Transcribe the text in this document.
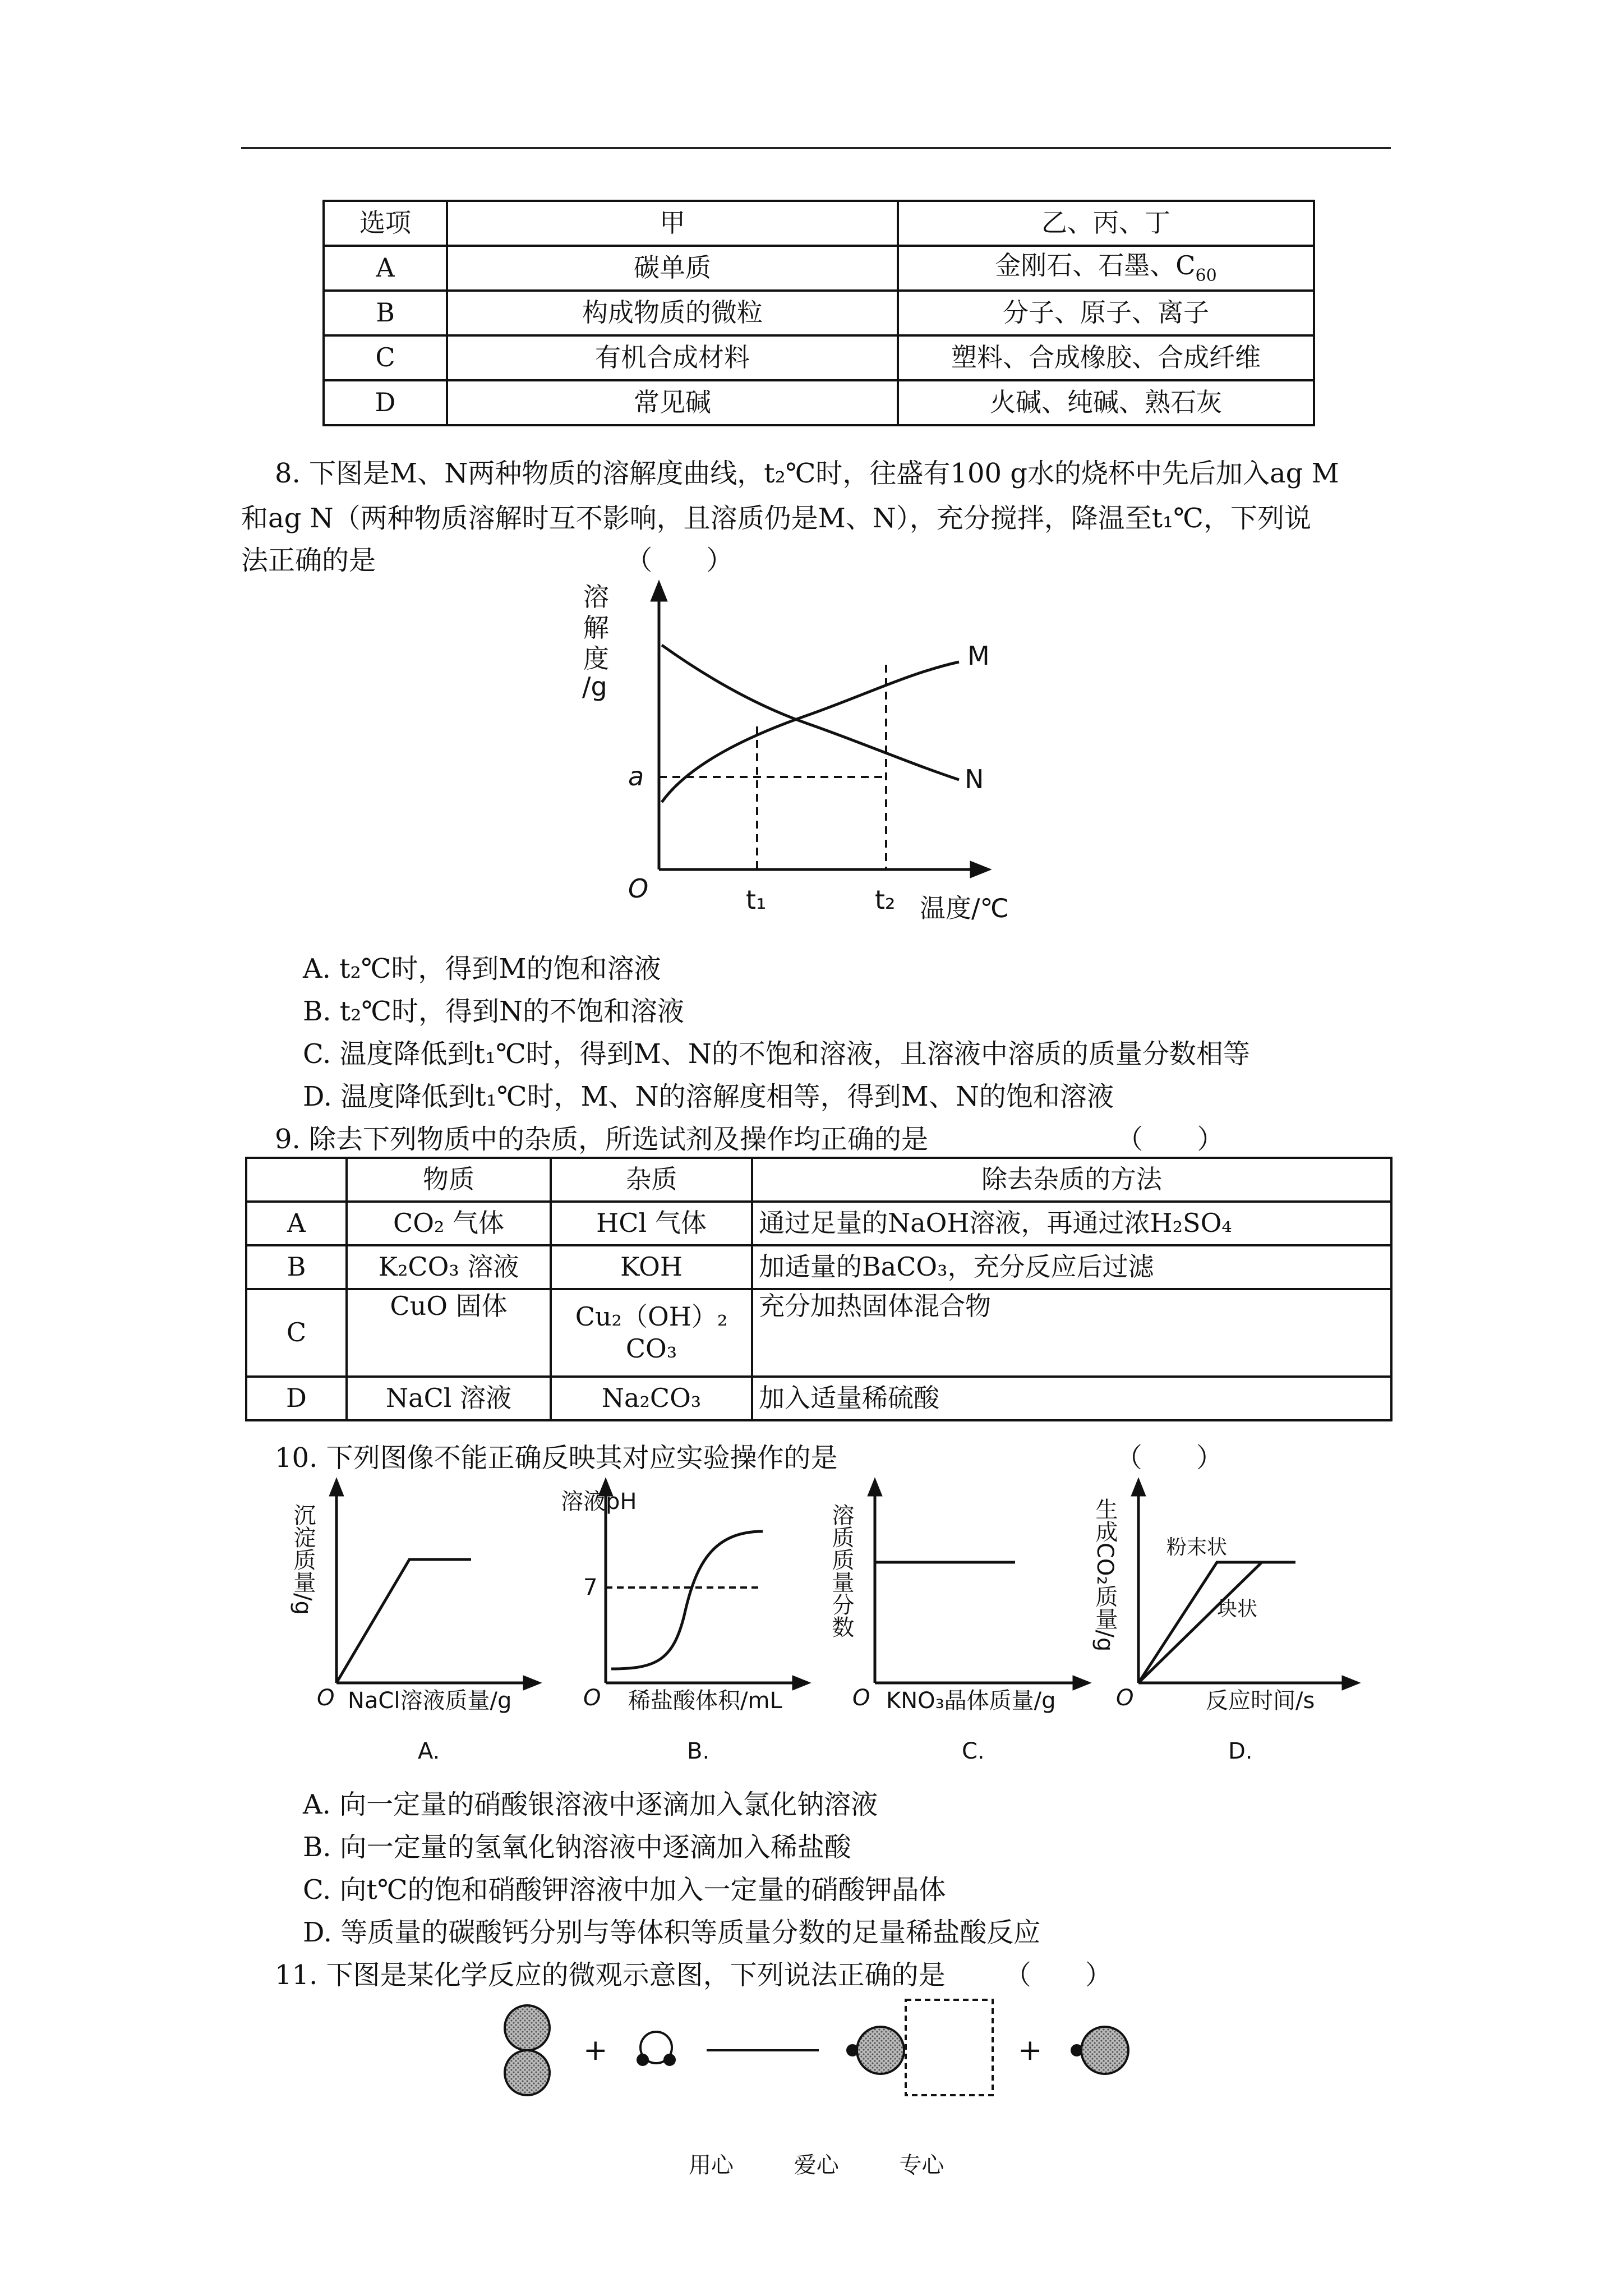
选项	甲	乙、丙、丁
A	碳单质	金刚石、石墨、$C_{60}$
B	构成物质的微粒	分子、原子、离子
C	有机合成材料	塑料、合成橡胶、合成纤维
D	常见碱	火碱、纯碱、熟石灰
8. 下图是M、N两种物质的溶解度曲线，t₂℃时，往盛有100 g水的烧杯中先后加入ag M
和ag N（两种物质溶解时互不影响，且溶质仍是M、N），充分搅拌，降温至t₁℃，下列说
法正确的是	（　　）
溶
解
度
/g
a
O	t₁	t₂ 温度/℃
M
N
A. t₂℃时，得到M的饱和溶液
B. t₂℃时，得到N的不饱和溶液
C. 温度降低到t₁℃时，得到M、N的不饱和溶液，且溶液中溶质的质量分数相等
D. 温度降低到t₁℃时，M、N的溶解度相等，得到M、N的饱和溶液
9. 除去下列物质中的杂质，所选试剂及操作均正确的是	（　　）
	物质	杂质	除去杂质的方法
A	CO₂ 气体	HCl 气体	通过足量的NaOH溶液，再通过浓H₂SO₄
B	K₂CO₃ 溶液	KOH	加适量的BaCO₃，充分反应后过滤
C	CuO 固体	Cu₂（OH）₂ CO₃	充分加热固体混合物
D	NaCl 溶液	Na₂CO₃	加入适量稀硫酸
10. 下列图像不能正确反映其对应实验操作的是	（　　）
沉淀质量/g
O NaCl溶液质量/g
A.
溶液pH
7
O 稀盐酸体积/mL
B.
溶质质量分数
O KNO₃晶体质量/g
C.
生成CO₂质量/g 粉末状
块状
O	反应时间/s
D.
A. 向一定量的硝酸银溶液中逐滴加入氯化钠溶液
B. 向一定量的氢氧化钠溶液中逐滴加入稀盐酸
C. 向t℃的饱和硝酸钾溶液中加入一定量的硝酸钾晶体
D. 等质量的碳酸钙分别与等体积等质量分数的足量稀盐酸反应
11. 下图是某化学反应的微观示意图，下列说法正确的是 （　　）
+	+
用心	爱心	专心
